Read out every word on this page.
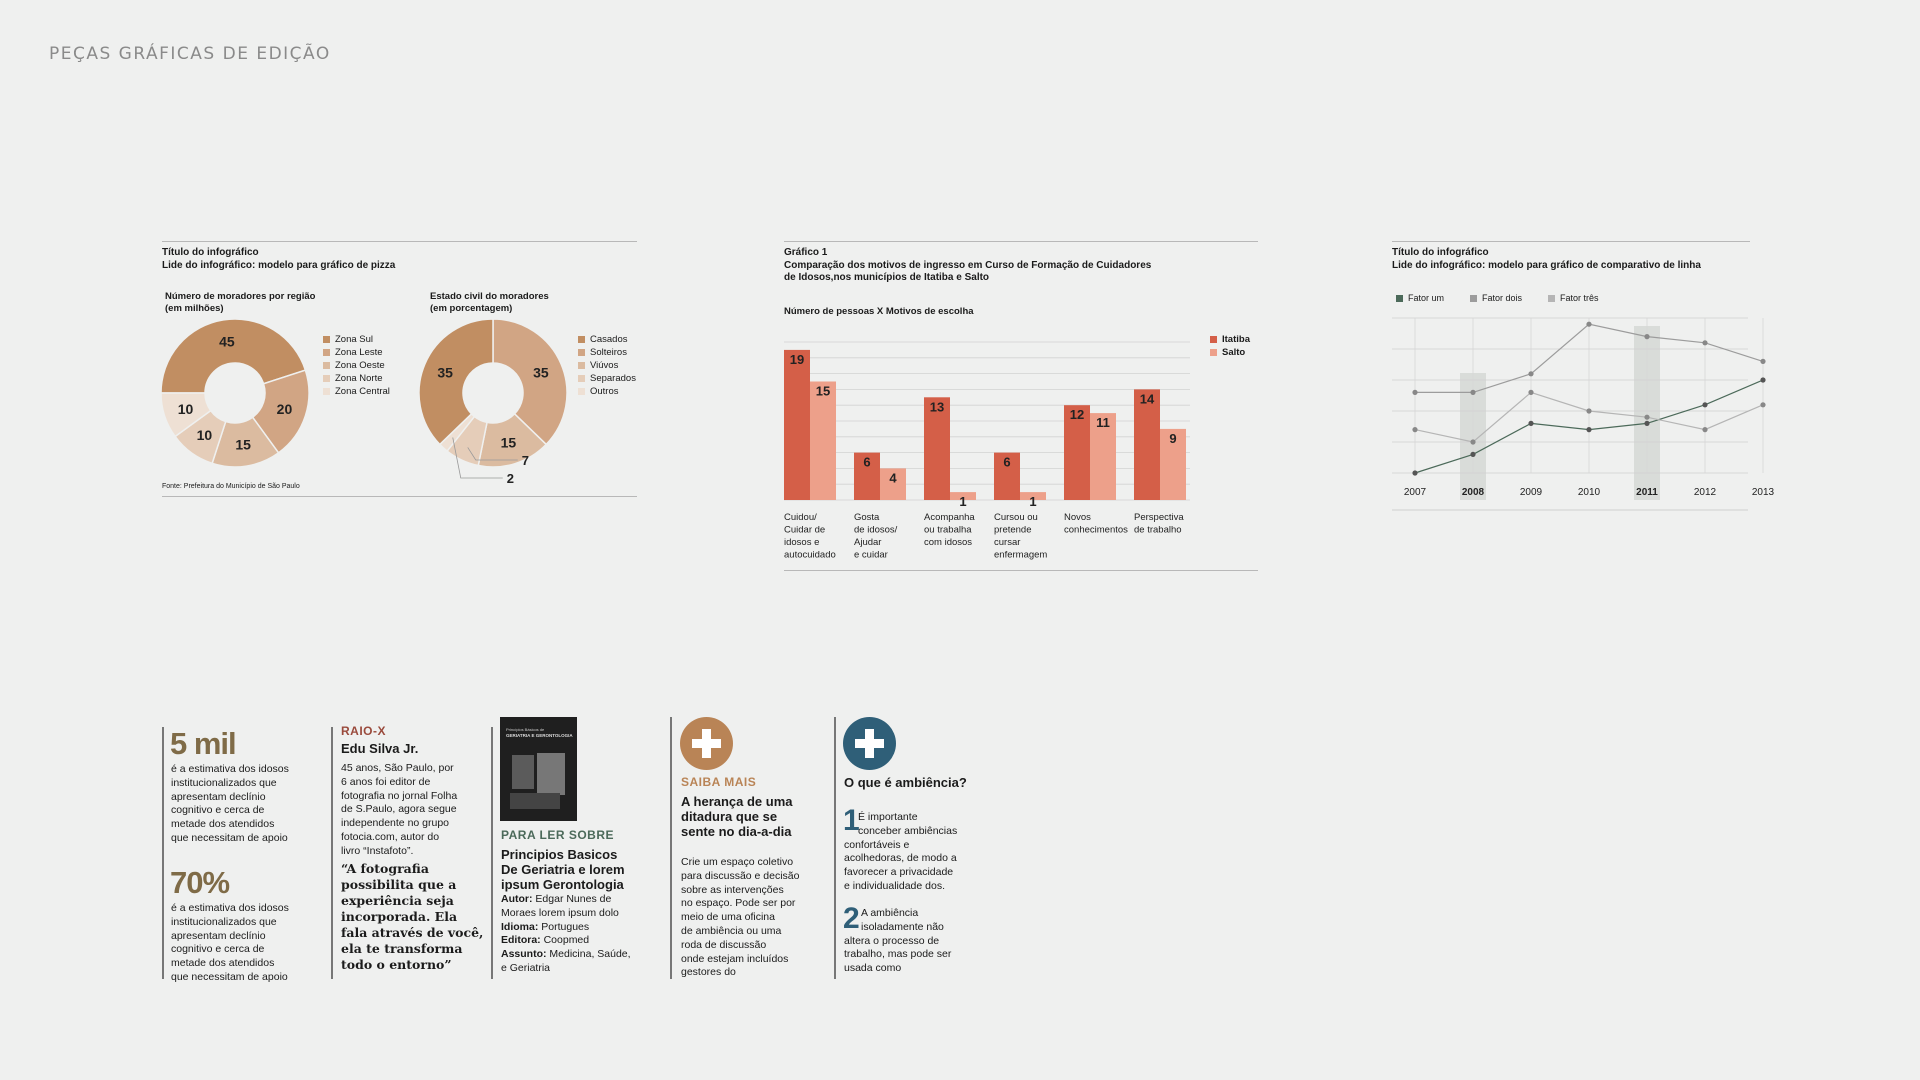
PEÇAS GRÁFICAS DE EDIÇÃO
Título do infográfico
Lide do infográfico: modelo para gráfico de pizza
Número de moradores por região
(em milhões)
45
20
15
10
10
Zona Sul
Zona Leste
Zona Oeste
Zona Norte
Zona Central
Estado civil do moradores
(em porcentagem)
35
15
7
2
35
Casados
Solteiros
Viúvos
Separados
Outros
Fonte: Prefeitura do Município de São Paulo
Gráfico 1
Comparação dos motivos de ingresso em Curso de Formação de Cuidadores
de Idosos,nos municípios de Itatiba e Salto
Número de pessoas X Motivos de escolha
19
15
Cuidou/
Cuidar de
idosos e
autocuidado
6
4
Gosta
de idosos/
Ajudar
e cuidar
13
1
Acompanha
ou trabalha
com idosos
6
1
Cursou ou
pretende
cursar
enfermagem
12
11
Novos
conhecimentos
14
9
Perspectiva
de trabalho
Itatiba
Salto
Título do infográfico
Lide do infográfico: modelo para gráfico de comparativo de linha
Fator um	Fator dois	Fator três
2007	2008	2009	2010	2011	2012	2013
5 mil
é a estimativa dos idosos
institucionalizados que
apresentam declínio
cognitivo e cerca de
metade dos atendidos
que necessitam de apoio
70%
é a estimativa dos idosos
institucionalizados que
apresentam declínio
cognitivo e cerca de
metade dos atendidos
que necessitam de apoio
RAIO-X
Edu Silva Jr.
45 anos, São Paulo, por
6 anos foi editor de
fotografia no jornal Folha
de S.Paulo, agora segue
independente no grupo
fotocia.com, autor do
livro “Instafoto”.
“A fotografia
possibilita que a
experiência seja
incorporada. Ela
fala através de você,
ela te transforma
todo o entorno”
Princípios Básicos de
GERIATRIA E GERONTOLOGIA
PARA LER SOBRE
Principios Basicos
De Geriatria e lorem
ipsum Gerontologia
Autor: Edgar Nunes de
Moraes lorem ipsum dolo
Idioma: Portugues
Editora: Coopmed
Assunto: Medicina, Saúde,
e Geriatria
SAIBA MAIS
A herança de uma
ditadura que se
sente no dia-a-dia
Crie um espaço coletivo
para discussão e decisão
sobre as intervenções
no espaço. Pode ser por
meio de uma oficina
de ambiência ou uma
roda de discussão
onde estejam incluídos
gestores do
O que é ambiência?
1
É importante
conceber ambiências
confortáveis e
acolhedoras, de modo a
favorecer a privacidade
e individualidade dos.
2 A ambiência
isoladamente não
altera o processo de
trabalho, mas pode ser
usada como
